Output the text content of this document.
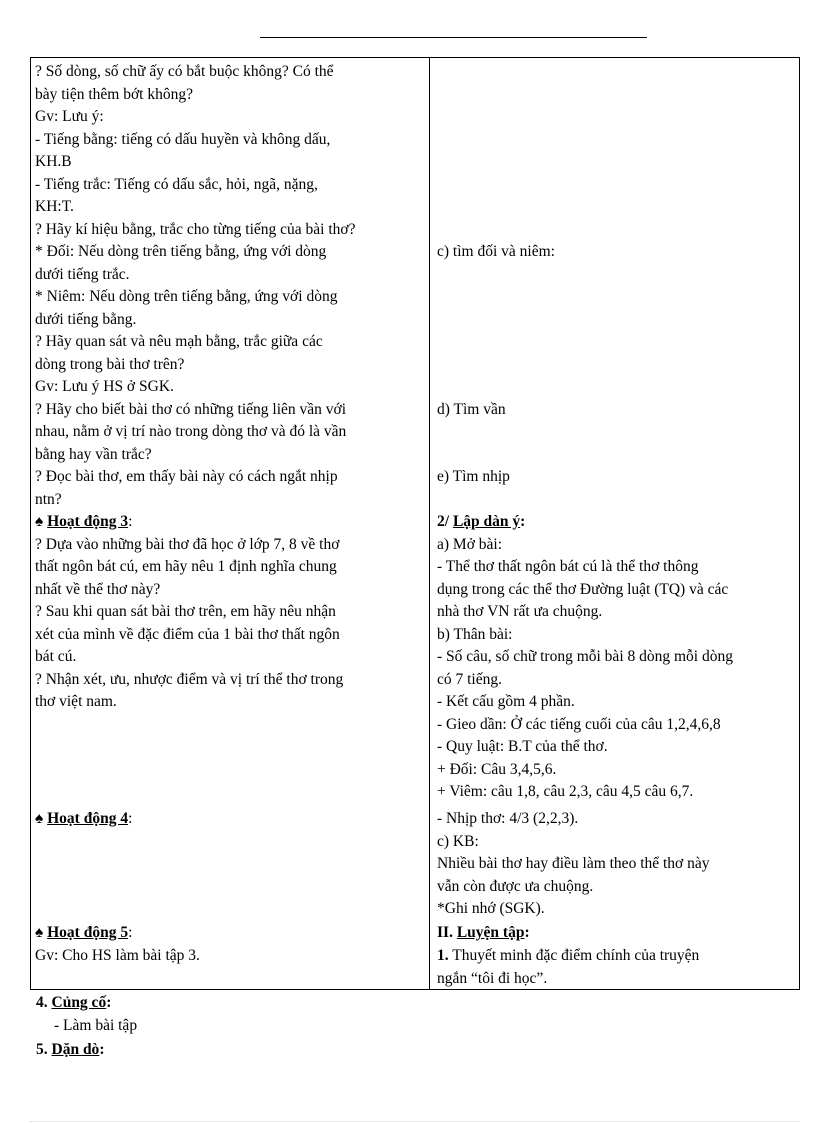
? Số dòng, số chữ ấy có bắt buộc không? Có thể
bày tiện thêm bớt không?
Gv: Lưu ý:
- Tiếng bằng: tiếng có dấu huyền và không dấu,
KH.B
- Tiếng trắc: Tiếng có dấu sắc, hỏi, ngã, nặng,
KH:T.
? Hãy kí hiệu bằng, trắc cho từng tiếng của bài thơ?
* Đối: Nếu dòng trên tiếng bằng, ứng với dòng
dưới tiếng trắc.
* Niêm: Nếu dòng trên tiếng bằng, ứng với dòng
dưới tiếng bằng.
? Hãy quan sát và nêu mạh bằng, trắc giữa các
dòng trong bài thơ trên?
Gv: Lưu ý HS ở SGK.
? Hãy cho biết bài thơ có những tiếng liên vần với
nhau, nằm ở vị trí nào trong dòng thơ và đó là vần
bằng hay vần trắc?
? Đọc bài thơ, em thấy bài này có cách ngắt nhịp
ntn?
♠ Hoạt động 3:
? Dựa vào những bài thơ đã học ở lớp 7, 8 về thơ
thất ngôn bát cú, em hãy nêu 1 định nghĩa chung
nhất về thể thơ này?
? Sau khi quan sát bài thơ trên, em hãy nêu nhận
xét của mình về đặc điểm của 1 bài thơ thất ngôn
bát cú.
? Nhận xét, ưu, nhược điểm và vị trí thể thơ trong
thơ việt nam.
♠ Hoạt động 4:
♠ Hoạt động 5:
Gv: Cho HS làm bài tập 3.
c) tìm đối và niêm:
d) Tìm vần
e) Tìm nhịp
2/ Lập dàn ý:
a) Mở bài:
- Thể thơ thất ngôn bát cú là thể thơ thông
dụng trong các thể thơ Đường luật (TQ) và các
nhà thơ VN rất ưa chuộng.
b) Thân bài:
- Số câu, số chữ trong mỗi bài 8 dòng mỗi dòng
có 7 tiếng.
- Kết cấu gồm 4 phần.
- Gieo dần: Ở các tiếng cuối của câu 1,2,4,6,8
- Quy luật: B.T của thể thơ.
+ Đối: Câu 3,4,5,6.
+ Viêm: câu 1,8, câu 2,3, câu 4,5 câu 6,7.
- Nhịp thơ: 4/3 (2,2,3).
c) KB:
Nhiều bài thơ hay điều làm theo thể thơ này
vẫn còn được ưa chuộng.
*Ghi nhớ (SGK).
II. Luyện tập:
1. Thuyết minh đặc điểm chính của truyện
ngắn “tôi đi học”.
4. Củng cố:
- Làm bài tập
5. Dặn dò:
